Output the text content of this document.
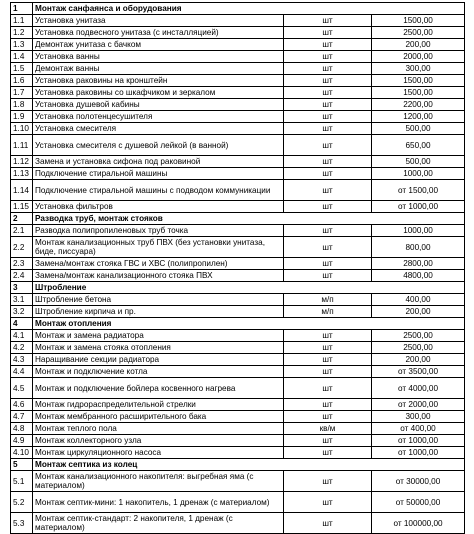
1	Монтаж санфаянса и оборудования		
1.1	Установка унитаза	шт	1500,00
1.2	Установка подвесного унитаза (с инсталляцией)	шт	2500,00
1.3	Демонтаж унитаза с бачком	шт	200,00
1.4	Установка ванны	шт	2000,00
1.5	Демонтаж ванны	шт	300,00
1.6	Установка раковины на кронштейн	шт	1500,00
1.7	Установка раковины со шкафчиком и зеркалом	шт	1500,00
1.8	Установка душевой кабины	шт	2200,00
1.9	Установка полотенцесушителя	шт	1200,00
1.10	Установка смесителя	шт	500,00
1.11	Установка смесителя с душевой лейкой (в ванной)	шт	650,00
1.12	Замена и установка сифона под раковиной	шт	500,00
1.13	Подключение стиральной машины	шт	1000,00
1.14	Подключение стиральной машины с подводом коммуникации	шт	от 1500,00
1.15	Установка фильтров	шт	от 1000,00
2	Разводка труб, монтаж стояков		
2.1	Разводка полипропиленовых труб точка	шт	1000,00
2.2	Монтаж канализационных труб ПВХ (без установки унитаза, биде, писсуара)	шт	800,00
2.3	Замена/монтаж стояка ГВС и ХВС (полипропилен)	шт	2800,00
2.4	Замена/монтаж канализационного стояка ПВХ	шт	4800,00
3	Штробление		
3.1	Штробление бетона	м/п	400,00
3.2	Штробление кирпича и пр.	м/п	200,00
4	Монтаж отопления		
4.1	Монтаж и замена радиатора	шт	2500,00
4.2	Монтаж и замена стояка отопления	шт	2500,00
4.3	Наращивание секции радиатора	шт	200,00
4.4	Монтаж и подключение котла	шт	от 3500,00
4.5	Монтаж и подключение бойлера косвенного нагрева	шт	от 4000,00
4.6	Монтаж гидрораспределительной стрелки	шт	от 2000,00
4.7	Монтаж мембранного расширительного бака	шт	300,00
4.8	Монтаж теплого пола	кв/м	от 400,00
4.9	Монтаж коллекторного узла	шт	от 1000,00
4.10	Монтаж циркуляционного насоса	шт	от 1000,00
5	Монтаж септика из колец		
5.1	Монтаж канализационного накопителя: выгребная яма (с материалом)	шт	от 30000,00
5.2	Монтаж септик-мини: 1 накопитель, 1 дренаж (с материалом)	шт	от 50000,00
5.3	Монтаж септик-стандарт: 2 накопителя, 1 дренаж (с материалом)	шт	от 100000,00
